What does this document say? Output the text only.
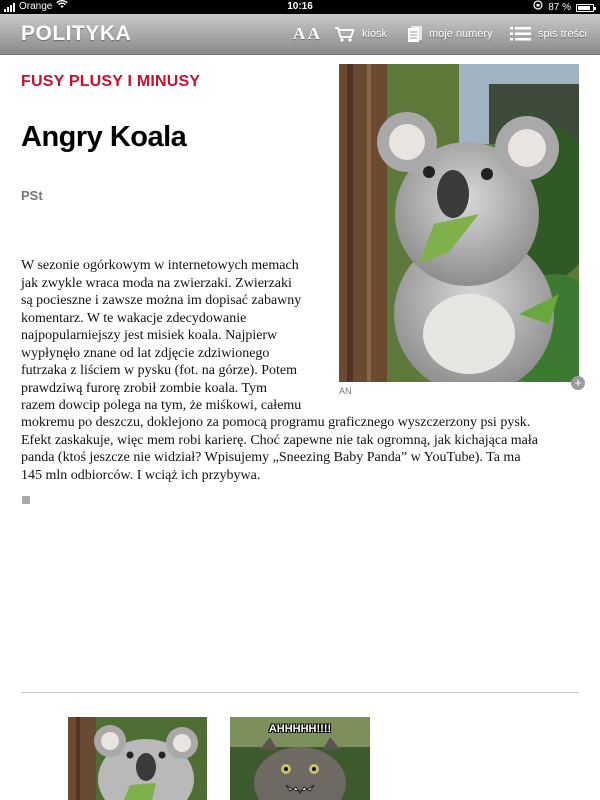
Orange	10:16	87 %
POLITYKA	A A	kiosk	moje numery	spis treści
FUSY PLUSY I MINUSY
Angry Koala
PSt
AN
+
W sezonie ogórkowym w internetowych memach
jak zwykle wraca moda na zwierzaki. Zwierzaki
są pocieszne i zawsze można im dopisać zabawny
komentarz. W te wakacje zdecydowanie
najpopularniejszy jest misiek koala. Najpierw
wypłynęło znane od lat zdjęcie zdziwionego
futrzaka z liściem w pysku (fot. na górze). Potem
prawdziwą furorę zrobił zombie koala. Tym
razem dowcip polega na tym, że miśkowi, całemu
mokremu po deszczu, doklejono za pomocą programu graficznego wyszczerzony psi pysk.
Efekt zaskakuje, więc mem robi karierę. Choć zapewne nie tak ogromną, jak kichająca mała
panda (ktoś jeszcze nie widział? Wpisujemy „Sneezing Baby Panda” w YouTube). Ta ma
145 mln odbiorców. I wciąż ich przybywa.
AHHHHH!!!!
